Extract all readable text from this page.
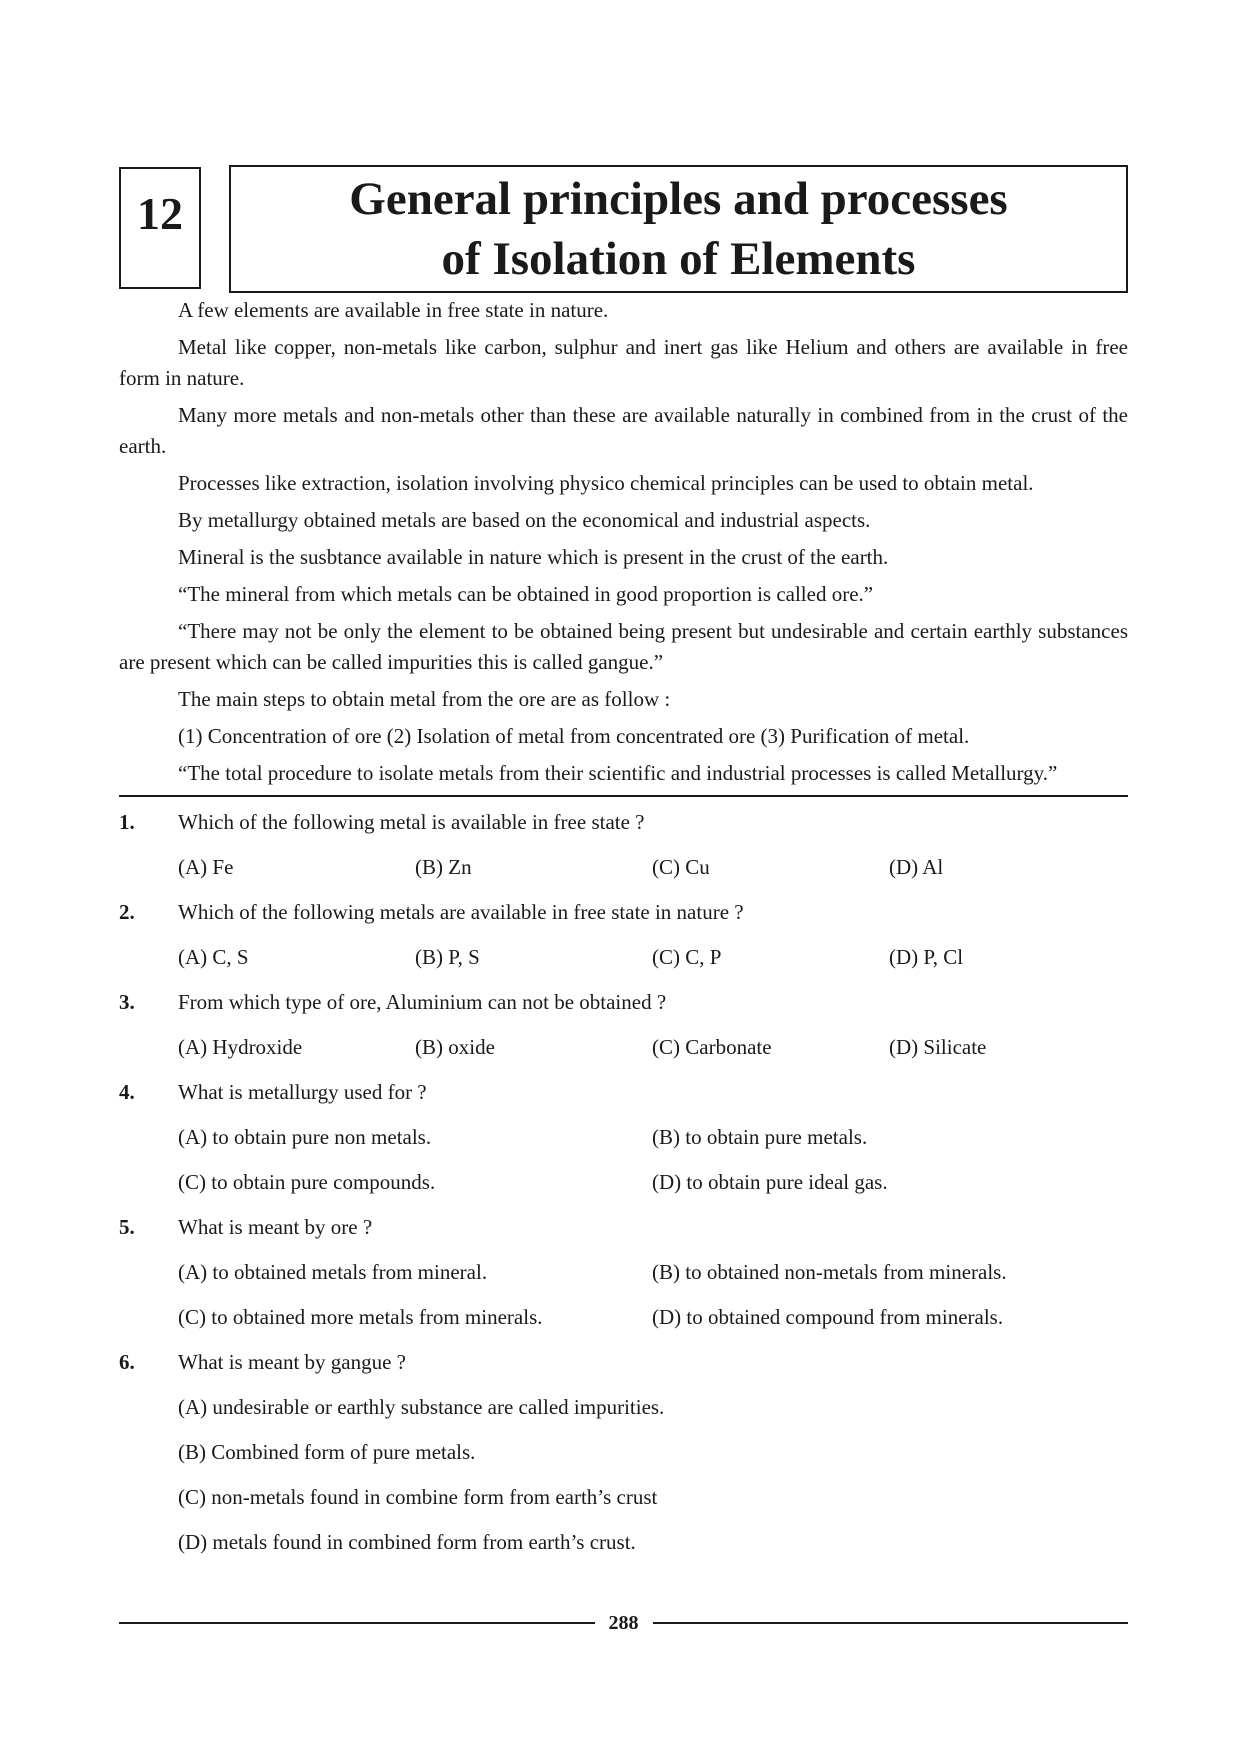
12	General principles and processes
of Isolation of Elements

A few elements are available in free state in nature.

Metal like copper, non-metals like carbon, sulphur and inert gas like Helium and others are available in free form in nature.

Many more metals and non-metals other than these are available naturally in combined from in the crust of the earth.

Processes like extraction, isolation involving physico chemical principles can be used to obtain metal.

By metallurgy obtained metals are based on the economical and industrial aspects.

Mineral is the susbtance available in nature which is present in the crust of the earth.

“The mineral from which metals can be obtained in good proportion is called ore.”

“There may not be only the element to be obtained being present but undesirable and certain earthly substances are present which can be called impurities this is called gangue.”

The main steps to obtain metal from the ore are as follow :

(1) Concentration of ore (2) Isolation of metal from concentrated ore (3) Purification of metal.

“The total procedure to isolate metals from their scientific and industrial processes is called Metallurgy.”

1.	Which of the following metal is available in free state ?
(A) Fe	(B) Zn	(C) Cu	(D) Al
2.	Which of the following metals are available in free state in nature ?
(A) C, S	(B) P, S	(C) C, P	(D) P, Cl
3.	From which type of ore, Aluminium can not be obtained ?
(A) Hydroxide	(B) oxide	(C) Carbonate	(D) Silicate
4.	What is metallurgy used for ?
(A) to obtain pure non metals.	(B) to obtain pure metals.
(C) to obtain pure compounds.	(D) to obtain pure ideal gas.
5.	What is meant by ore ?
(A) to obtained metals from mineral.	(B) to obtained non-metals from minerals.
(C) to obtained more metals from minerals.	(D) to obtained compound from minerals.
6.	What is meant by gangue ?
(A) undesirable or earthly substance are called impurities.
(B) Combined form of pure metals.
(C) non-metals found in combine form from earth’s crust
(D) metals found in combined form from earth’s crust.
288
